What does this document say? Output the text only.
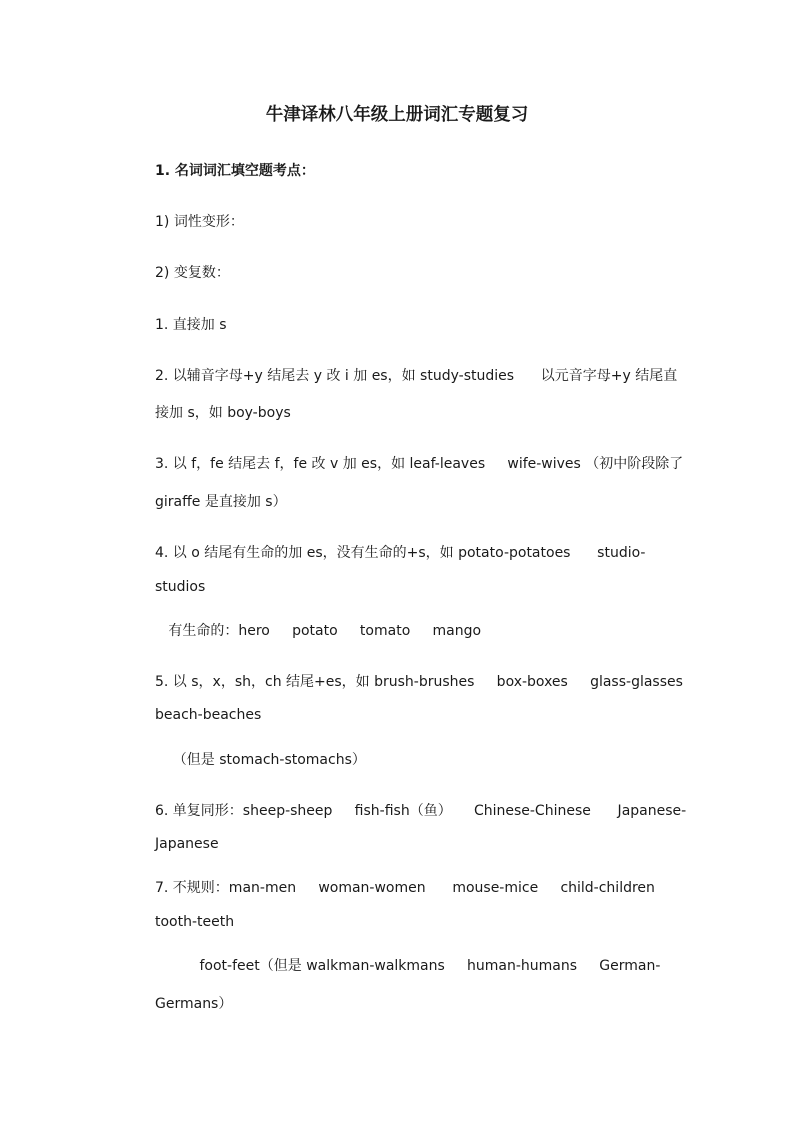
牛津译林八年级上册词汇专题复习

1. 名词词汇填空题考点：

1) 词性变形：

2) 变复数：

1. 直接加 s

2. 以辅音字母+y 结尾去 y 改 i 加 es，如 study-studies      以元音字母+y 结尾直

接加 s，如 boy-boys

3. 以 f，fe 结尾去 f，fe 改 v 加 es，如 leaf-leaves     wife-wives （初中阶段除了

giraffe 是直接加 s）

4. 以 o 结尾有生命的加 es，没有生命的+s，如 potato-potatoes      studio-

studios

有生命的：hero     potato     tomato     mango

5. 以 s，x，sh，ch 结尾+es，如 brush-brushes     box-boxes     glass-glasses

beach-beaches

（但是 stomach-stomachs）

6. 单复同形：sheep-sheep     fish-fish（鱼）     Chinese-Chinese      Japanese-

Japanese

7. 不规则：man-men     woman-women      mouse-mice     child-children

tooth-teeth

foot-feet（但是 walkman-walkmans     human-humans     German-

Germans）
